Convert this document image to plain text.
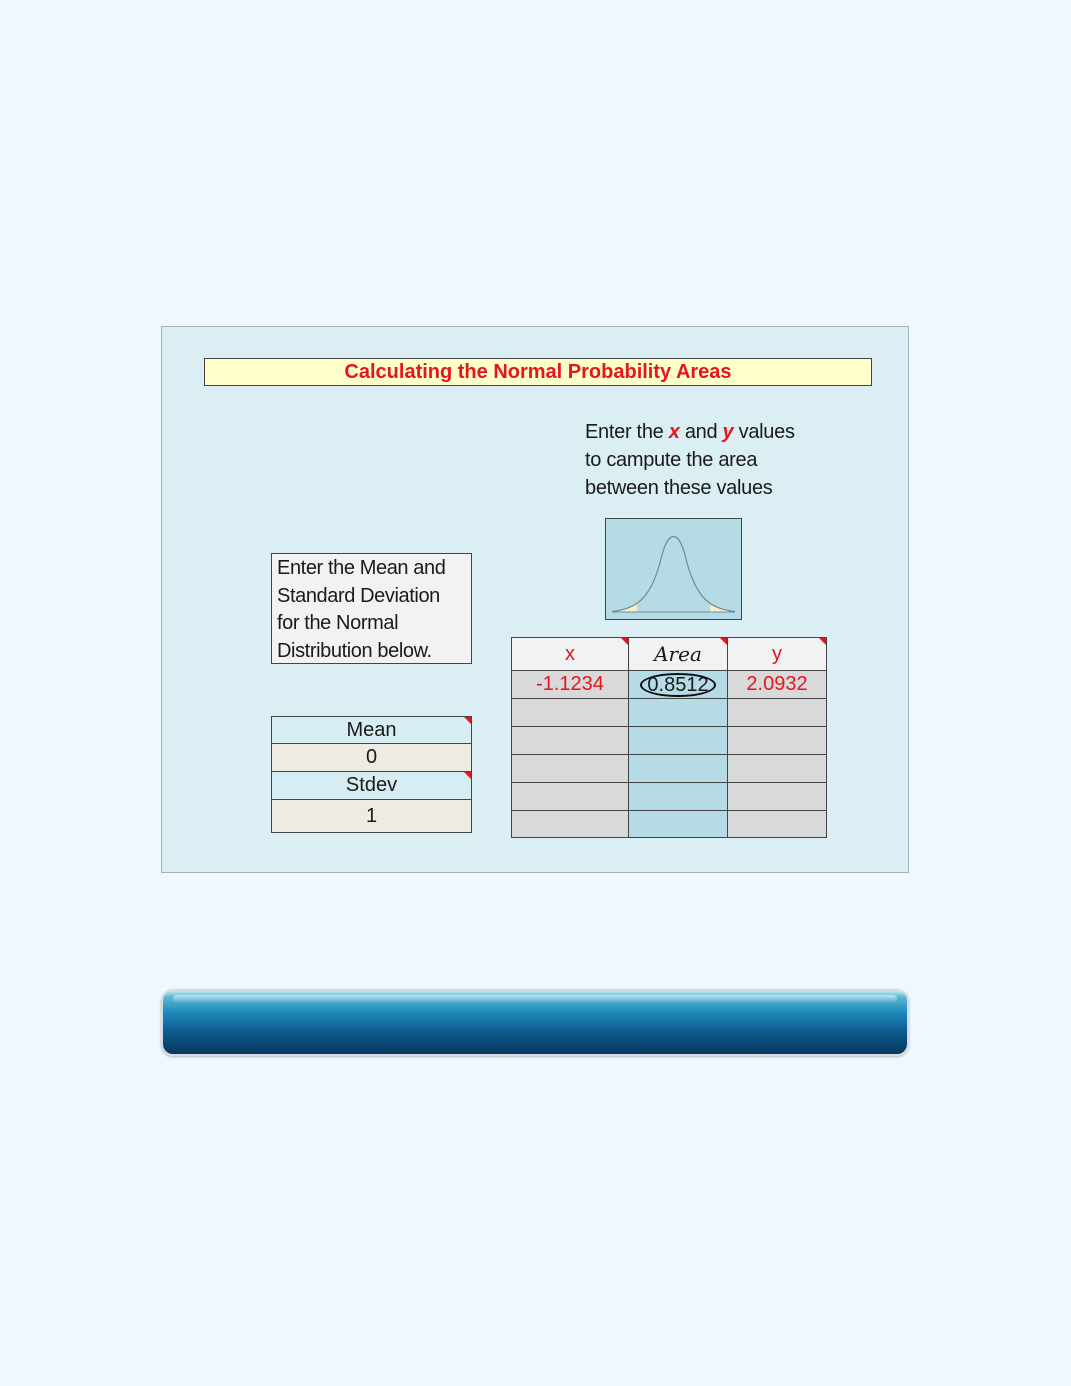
Calculating the Normal Probability Areas
Enter the x and y values
to campute the area
between these values
Enter the Mean and
Standard Deviation
for the Normal
Distribution below.
Mean
0
Stdev
1
x	Area	y

-1.1234	0.8512	2.0932
